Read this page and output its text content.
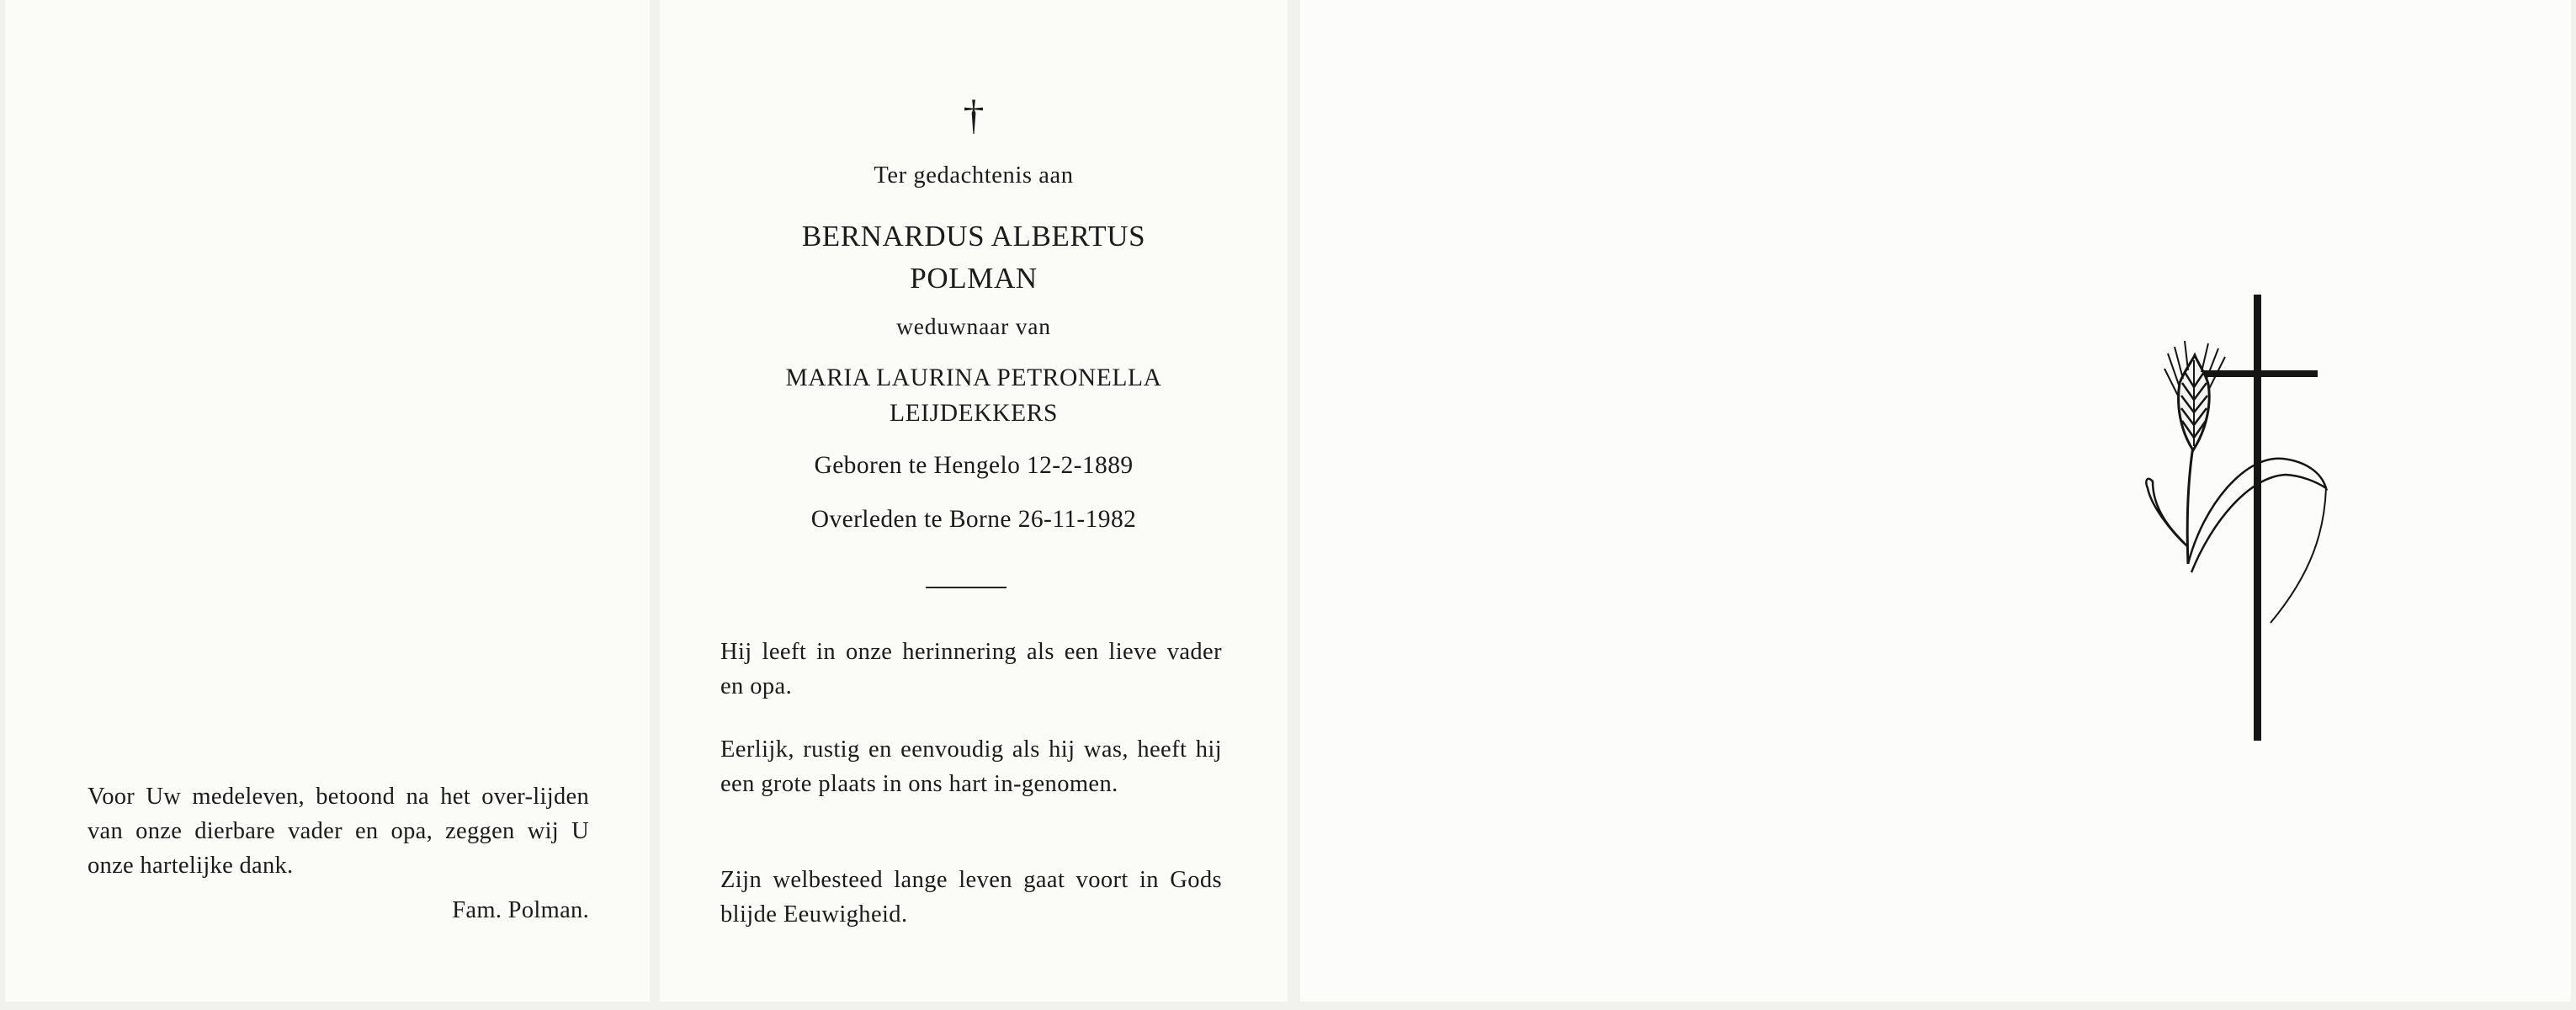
Voor Uw medeleven, betoond na het over-lijden van onze dierbare vader en opa, zeggen wij U onze hartelijke dank.
Fam. Polman.
†
Ter gedachtenis aan
BERNARDUS ALBERTUS
POLMAN
weduwnaar van
MARIA LAURINA PETRONELLA
LEIJDEKKERS
Geboren te Hengelo 12-2-1889
Overleden te Borne 26-11-1982
Hij leeft in onze herinnering als een lieve vader en opa.
Eerlijk, rustig en eenvoudig als hij was, heeft hij een grote plaats in ons hart in-genomen.
Zijn welbesteed lange leven gaat voort in Gods blijde Eeuwigheid.
